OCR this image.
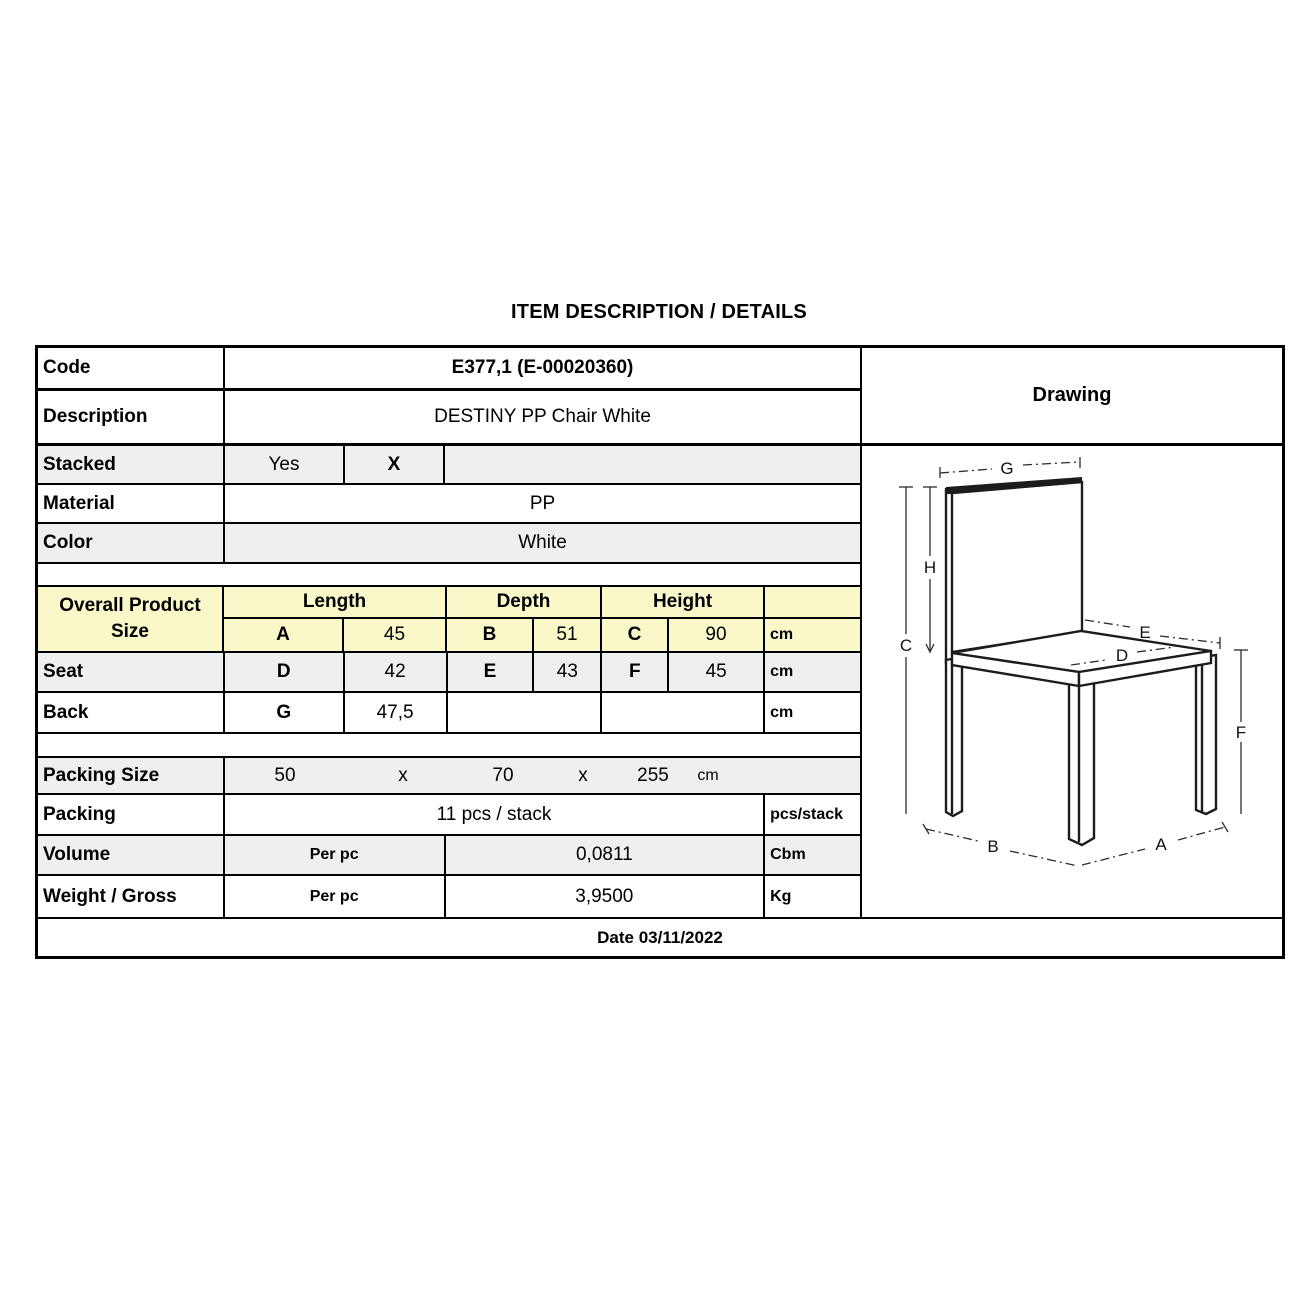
ITEM DESCRIPTION / DETAILS
Code	E377,1 (E-00020360)
Description	DESTINY PP Chair White
Stacked	Yes	X
Material	PP
Color	White
Overall Product
Size
Length	Depth	Height
A	45	B	51	C	90	cm
Seat	D	42	E	43	F	45	cm
Back	G	47,5	cm
Packing Size	50	x	70	x	255 cm
Packing	11 pcs / stack	pcs/stack
Volume	Per pc	0,0811	Cbm
Weight / Gross	Per pc	3,9500	Kg
Drawing
G
H
C
E
D
F
B	A
Date 03/11/2022
